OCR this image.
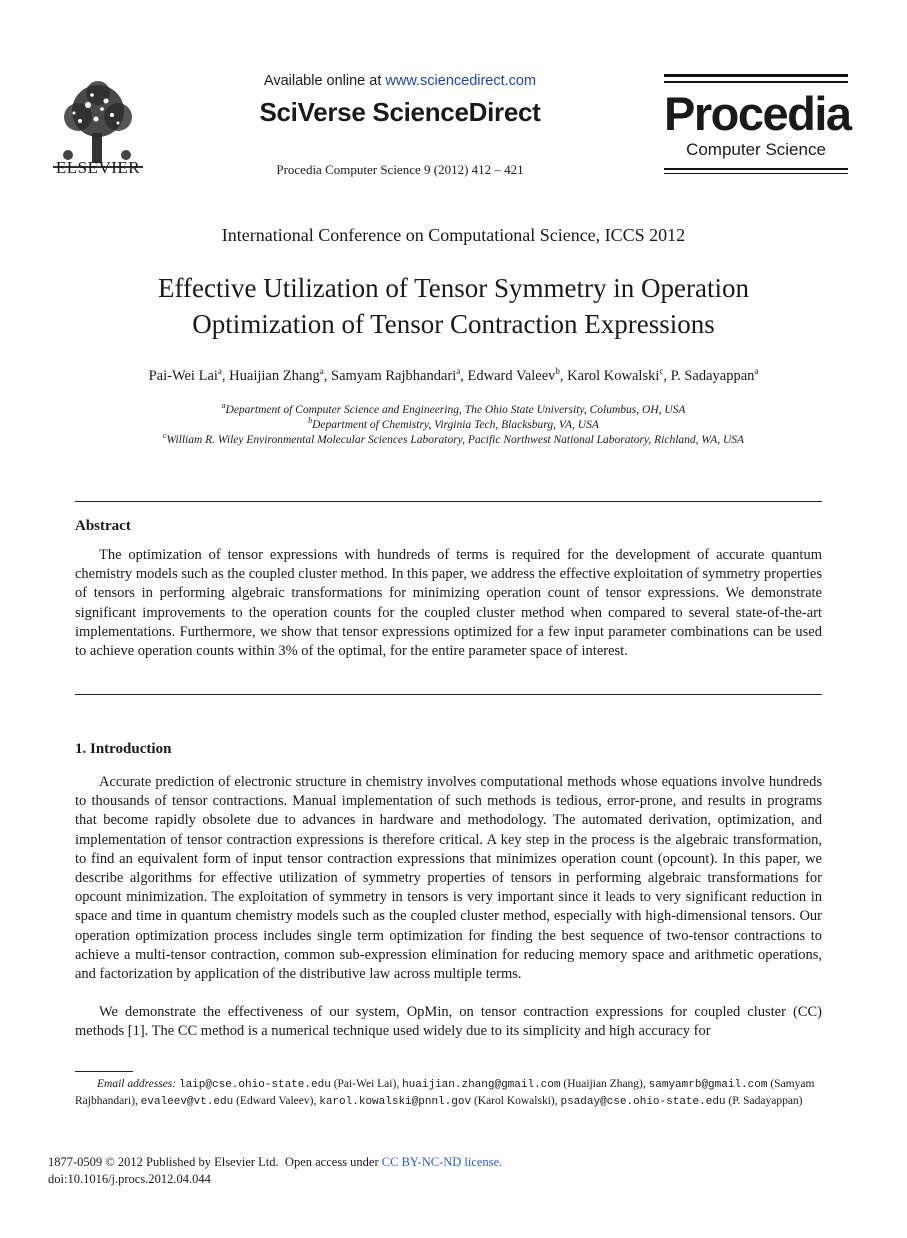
ELSEVIER
Available online at www.sciencedirect.com
SciVerse ScienceDirect
Procedia Computer Science 9 (2012) 412 – 421
Procedia
Computer Science
International Conference on Computational Science, ICCS 2012
Effective Utilization of Tensor Symmetry in Operation
Optimization of Tensor Contraction Expressions
Pai-Wei Lai$^a$, Huaijian Zhang$^a$, Samyam Rajbhandari$^a$, Edward Valeev$^b$, Karol Kowalski$^c$, P. Sadayappan$^a$
$^a$Department of Computer Science and Engineering, The Ohio State University, Columbus, OH, USA
$^b$Department of Chemistry, Virginia Tech, Blacksburg, VA, USA
$^c$William R. Wiley Environmental Molecular Sciences Laboratory, Pacific Northwest National Laboratory, Richland, WA, USA
Abstract
The optimization of tensor expressions with hundreds of terms is required for the development of accurate quantum chemistry models such as the coupled cluster method. In this paper, we address the effective exploitation of symmetry properties of tensors in performing algebraic transformations for minimizing operation count of tensor expressions. We demonstrate significant improvements to the operation counts for the coupled cluster method when compared to several state-of-the-art implementations. Furthermore, we show that tensor expressions optimized for a few input parameter combinations can be used to achieve operation counts within 3% of the optimal, for the entire parameter space of interest.
1. Introduction
Accurate prediction of electronic structure in chemistry involves computational methods whose equations involve hundreds to thousands of tensor contractions. Manual implementation of such methods is tedious, error-prone, and results in programs that become rapidly obsolete due to advances in hardware and methodology. The automated derivation, optimization, and implementation of tensor contraction expressions is therefore critical. A key step in the process is the algebraic transformation, to find an equivalent form of input tensor contraction expressions that minimizes operation count (opcount). In this paper, we describe algorithms for effective utilization of symmetry properties of tensors in performing algebraic transformations for opcount minimization. The exploitation of symmetry in tensors is very important since it leads to very significant reduction in space and time in quantum chemistry models such as the coupled cluster method, especially with high-dimensional tensors. Our operation optimization process includes single term optimization for finding the best sequence of two-tensor contractions to achieve a multi-tensor contraction, common sub-expression elimination for reducing memory space and arithmetic operations, and factorization by application of the distributive law across multiple terms.
We demonstrate the effectiveness of our system, OpMin, on tensor contraction expressions for coupled cluster (CC) methods [1]. The CC method is a numerical technique used widely due to its simplicity and high accuracy for
Email addresses: laip@cse.ohio-state.edu (Pai-Wei Lai), huaijian.zhang@gmail.com (Huaijian Zhang), samyamrb@gmail.com (Samyam Rajbhandari), evaleev@vt.edu (Edward Valeev), karol.kowalski@pnnl.gov (Karol Kowalski), psaday@cse.ohio-state.edu (P. Sadayappan)
1877-0509 © 2012 Published by Elsevier Ltd. Open access under CC BY-NC-ND license.
doi:10.1016/j.procs.2012.04.044
